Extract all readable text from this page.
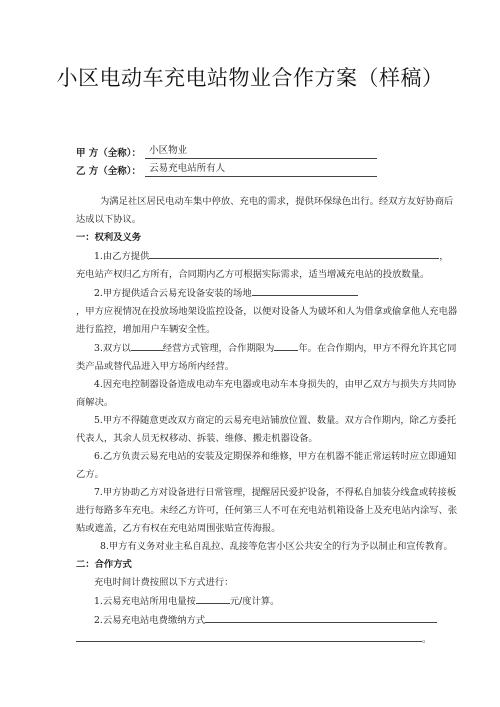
小区电动车充电站物业合作方案（样稿）
甲 方（全称）： 小区物业
乙 方（全称）： 云易充电站所有人

为满足社区居民电动车集中停放、充电的需求，提供环保绿色出行。经双方友好协商后达成以下协议。

一：权利及义务

1.由乙方提供	，

充电站产权归乙方所有，合同期内乙方可根据实际需求，适当增减充电站的投放数量。

2.甲方提供适合云易充设备安装的场地

，甲方应视情况在投放场地架设监控设备，以便对设备人为破坏和人为借拿或偷拿他人充电器进行监控，增加用户车辆安全性。

3.双方以	经营方式管理，合作期限为	年。在合作期内，甲方不得允许其它同类产品或替代品进入甲方场所内经营。

4.因充电控制器设备造成电动车充电器或电动车本身损失的，由甲乙双方与损失方共同协商解决。

5.甲方不得随意更改双方商定的云易充电站铺放位置、数量。双方合作期内，除乙方委托代表人，其余人员无权移动、拆装、维修、搬走机器设备。

6.乙方负责云易充电站的安装及定期保养和维修，甲方在机器不能正常运转时应立即通知乙方。

7.甲方协助乙方对设备进行日常管理，提醒居民爱护设备，不得私自加装分线盒或转接板进行每路多车充电。未经乙方许可，任何第三人不可在充电站机箱设备上及充电站内涂写、张贴或遮盖，乙方有权在充电站周围张贴宣传海报。

8.甲方有义务对业主私自乱拉、乱接等危害小区公共安全的行为予以制止和宣传教育。

二：合作方式

充电时间计费按照以下方式进行：

1.云易充电站所用电量按	元/度计算。

2.云易充电站电费缴纳方式

。
